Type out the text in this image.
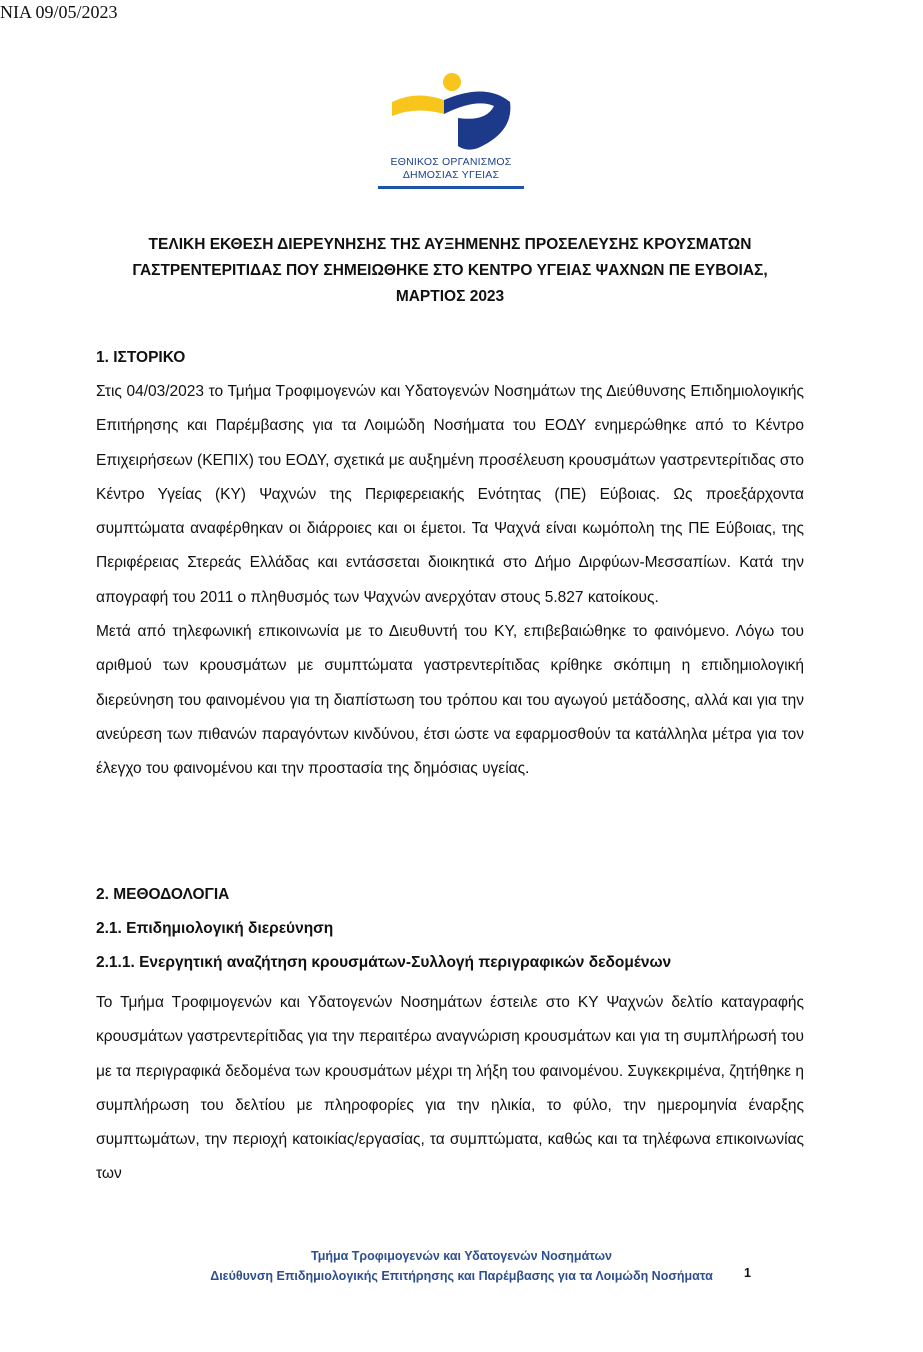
NIA 09/05/2023
ΕΘΝΙΚΟΣ ΟΡΓΑΝΙΣΜΟΣ
ΔΗΜΟΣΙΑΣ ΥΓΕΙΑΣ
ΤΕΛΙΚΗ ΕΚΘΕΣΗ ΔΙΕΡΕΥΝΗΣΗΣ ΤΗΣ ΑΥΞΗΜΕΝΗΣ ΠΡΟΣΕΛΕΥΣΗΣ ΚΡΟΥΣΜΑΤΩΝ
ΓΑΣΤΡΕΝΤΕΡΙΤΙΔΑΣ ΠΟΥ ΣΗΜΕΙΩΘΗΚΕ ΣΤΟ ΚΕΝΤΡΟ ΥΓΕΙΑΣ ΨΑΧΝΩΝ ΠΕ ΕΥΒΟΙΑΣ,
ΜΑΡΤΙΟΣ 2023

1. ΙΣΤΟΡΙΚΟ

Στις 04/03/2023 το Τμήμα Τροφιμογενών και Υδατογενών Νοσημάτων της Διεύθυνσης Επιδημιολογικής Επιτήρησης και Παρέμβασης για τα Λοιμώδη Νοσήματα του ΕΟΔΥ ενημερώθηκε από το Κέντρο Επιχειρήσεων (ΚΕΠΙΧ) του ΕΟΔΥ, σχετικά με αυξημένη προσέλευση κρουσμάτων γαστρεντερίτιδας στο Κέντρο Υγείας (ΚΥ) Ψαχνών της Περιφερειακής Ενότητας (ΠΕ) Εύβοιας. Ως προεξάρχοντα συμπτώματα αναφέρθηκαν οι διάρροιες και οι έμετοι. Τα Ψαχνά είναι κωμόπολη της ΠΕ Εύβοιας, της Περιφέρειας Στερεάς Ελλάδας και εντάσσεται διοικητικά στο Δήμο Διρφύων-Μεσσαπίων. Κατά την απογραφή του 2011 ο πληθυσμός των Ψαχνών ανερχόταν στους 5.827 κατοίκους.

Μετά από τηλεφωνική επικοινωνία με το Διευθυντή του ΚΥ, επιβεβαιώθηκε το φαινόμενο. Λόγω του αριθμού των κρουσμάτων με συμπτώματα γαστρεντερίτιδας κρίθηκε σκόπιμη η επιδημιολογική διερεύνηση του φαινομένου για τη διαπίστωση του τρόπου και του αγωγού μετάδοσης, αλλά και για την ανεύρεση των πιθανών παραγόντων κινδύνου, έτσι ώστε να εφαρμοσθούν τα κατάλληλα μέτρα για τον έλεγχο του φαινομένου και την προστασία της δημόσιας υγείας.

2. ΜΕΘΟΔΟΛΟΓΙΑ

2.1. Επιδημιολογική διερεύνηση

2.1.1. Ενεργητική αναζήτηση κρουσμάτων-Συλλογή περιγραφικών δεδομένων

Το Τμήμα Τροφιμογενών και Υδατογενών Νοσημάτων έστειλε στο ΚΥ Ψαχνών δελτίο καταγραφής κρουσμάτων γαστρεντερίτιδας για την περαιτέρω αναγνώριση κρουσμάτων και για τη συμπλήρωσή του με τα περιγραφικά δεδομένα των κρουσμάτων μέχρι τη λήξη του φαινομένου. Συγκεκριμένα, ζητήθηκε η συμπλήρωση του δελτίου με πληροφορίες για την ηλικία, το φύλο, την ημερομηνία έναρξης συμπτωμάτων, την περιοχή κατοικίας/εργασίας, τα συμπτώματα, καθώς και τα τηλέφωνα επικοινωνίας των

Τμήμα Τροφιμογενών και Υδατογενών Νοσημάτων
Διεύθυνση Επιδημιολογικής Επιτήρησης και Παρέμβασης για τα Λοιμώδη Νοσήματα	1
